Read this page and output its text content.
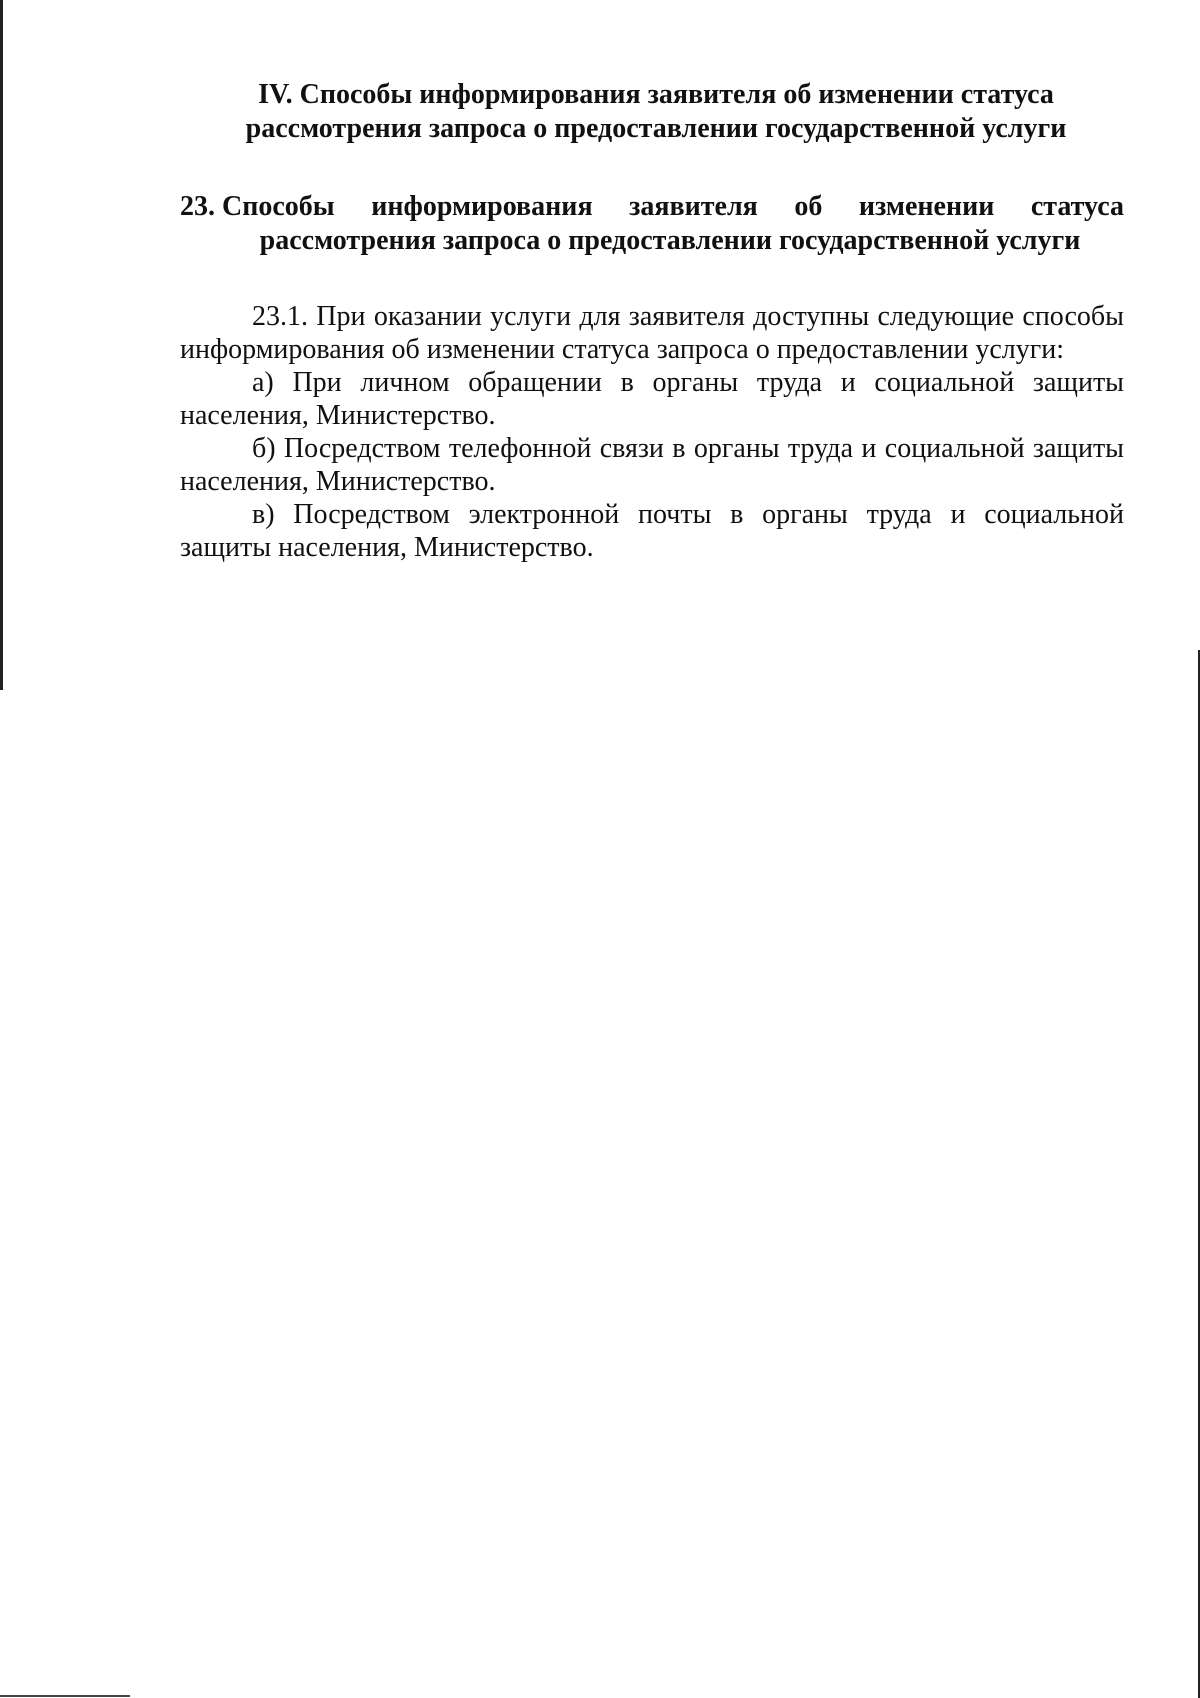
IV. Способы информирования заявителя об изменении статуса
рассмотрения запроса о предоставлении государственной услуги
23. Способы информирования заявителя об изменении статуса
рассмотрения запроса о предоставлении государственной услуги

23.1. При оказании услуги для заявителя доступны следующие способы информирования об изменении статуса запроса о предоставлении услуги:

а) При личном обращении в органы труда и социальной защиты населения, Министерство.

б) Посредством телефонной связи в органы труда и социальной защиты населения, Министерство.

в) Посредством электронной почты в органы труда и социальной защиты населения, Министерство.
